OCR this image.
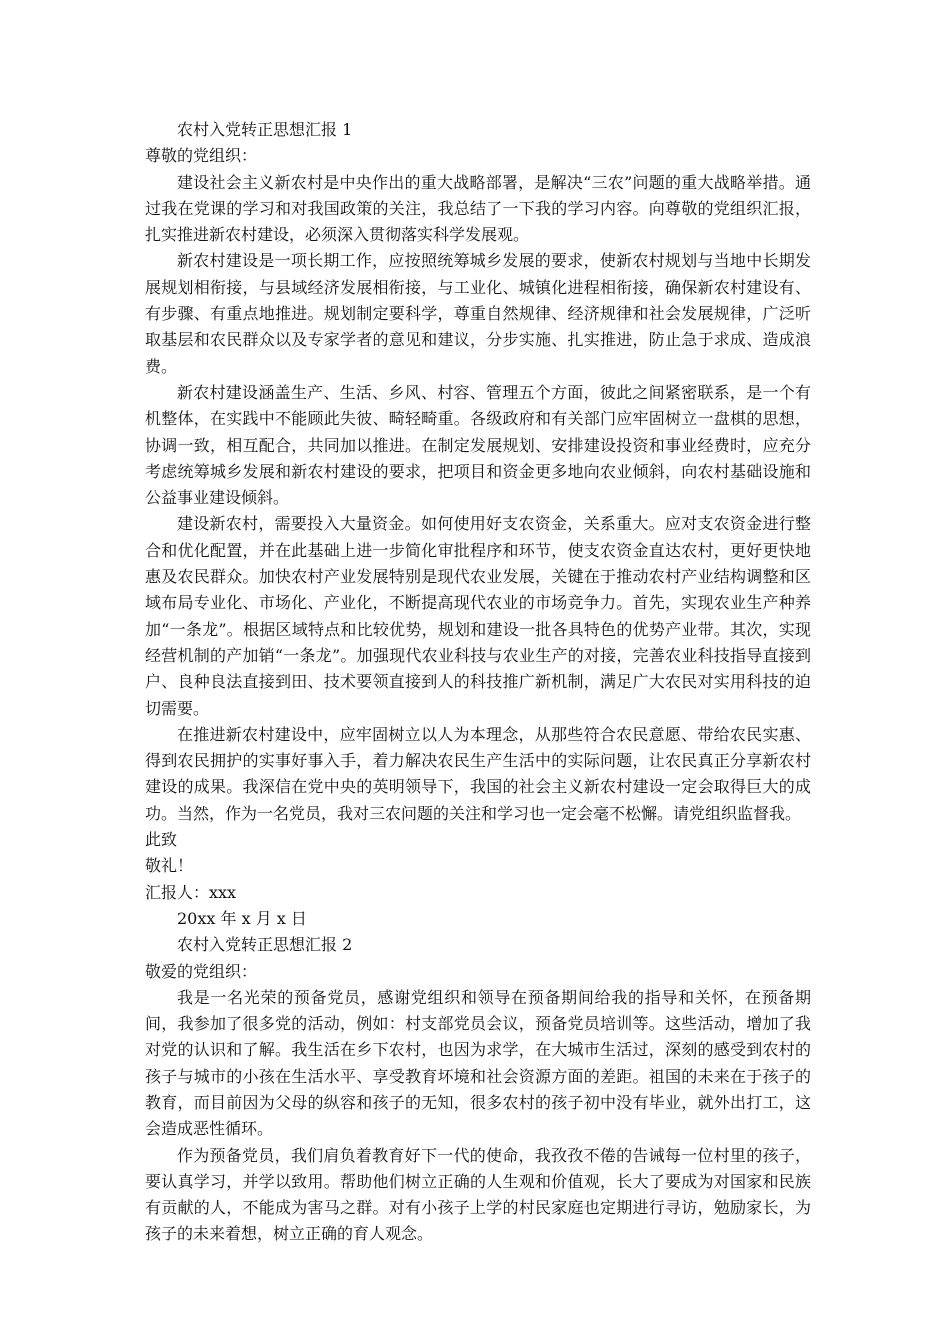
农村入党转正思想汇报 1

尊敬的党组织：

建设社会主义新农村是中央作出的重大战略部署，是解决“三农”问题的重大战略举措。通过我在党课的学习和对我国政策的关注，我总结了一下我的学习内容。向尊敬的党组织汇报，扎实推进新农村建设，必须深入贯彻落实科学发展观。

新农村建设是一项长期工作，应按照统筹城乡发展的要求，使新农村规划与当地中长期发展规划相衔接，与县域经济发展相衔接，与工业化、城镇化进程相衔接，确保新农村建设有、有步骤、有重点地推进。规划制定要科学，尊重自然规律、经济规律和社会发展规律，广泛听取基层和农民群众以及专家学者的意见和建议，分步实施、扎实推进，防止急于求成、造成浪费。

新农村建设涵盖生产、生活、乡风、村容、管理五个方面，彼此之间紧密联系，是一个有机整体，在实践中不能顾此失彼、畸轻畸重。各级政府和有关部门应牢固树立一盘棋的思想，协调一致，相互配合，共同加以推进。在制定发展规划、安排建设投资和事业经费时，应充分考虑统筹城乡发展和新农村建设的要求，把项目和资金更多地向农业倾斜，向农村基础设施和公益事业建设倾斜。

建设新农村，需要投入大量资金。如何使用好支农资金，关系重大。应对支农资金进行整合和优化配置，并在此基础上进一步简化审批程序和环节，使支农资金直达农村，更好更快地惠及农民群众。加快农村产业发展特别是现代农业发展，关键在于推动农村产业结构调整和区域布局专业化、市场化、产业化，不断提高现代农业的市场竞争力。首先，实现农业生产种养加“一条龙”。根据区域特点和比较优势，规划和建设一批各具特色的优势产业带。其次，实现经营机制的产加销“一条龙”。加强现代农业科技与农业生产的对接，完善农业科技指导直接到户、良种良法直接到田、技术要领直接到人的科技推广新机制，满足广大农民对实用科技的迫切需要。

在推进新农村建设中，应牢固树立以人为本理念，从那些符合农民意愿、带给农民实惠、得到农民拥护的实事好事入手，着力解决农民生产生活中的实际问题，让农民真正分享新农村建设的成果。我深信在党中央的英明领导下，我国的社会主义新农村建设一定会取得巨大的成功。当然，作为一名党员，我对三农问题的关注和学习也一定会毫不松懈。请党组织监督我。

此致

敬礼！

汇报人：xxx

20xx 年 x 月 x 日

农村入党转正思想汇报 2

敬爱的党组织：

我是一名光荣的预备党员，感谢党组织和领导在预备期间给我的指导和关怀，在预备期间，我参加了很多党的活动，例如：村支部党员会议，预备党员培训等。这些活动，增加了我对党的认识和了解。我生活在乡下农村，也因为求学，在大城市生活过，深刻的感受到农村的孩子与城市的小孩在生活水平、享受教育坏境和社会资源方面的差距。祖国的未来在于孩子的教育，而目前因为父母的纵容和孩子的无知，很多农村的孩子初中没有毕业，就外出打工，这会造成恶性循环。

作为预备党员，我们肩负着教育好下一代的使命，我孜孜不倦的告诫每一位村里的孩子，要认真学习，并学以致用。帮助他们树立正确的人生观和价值观，长大了要成为对国家和民族有贡献的人，不能成为害马之群。对有小孩子上学的村民家庭也定期进行寻访，勉励家长，为孩子的未来着想，树立正确的育人观念。
